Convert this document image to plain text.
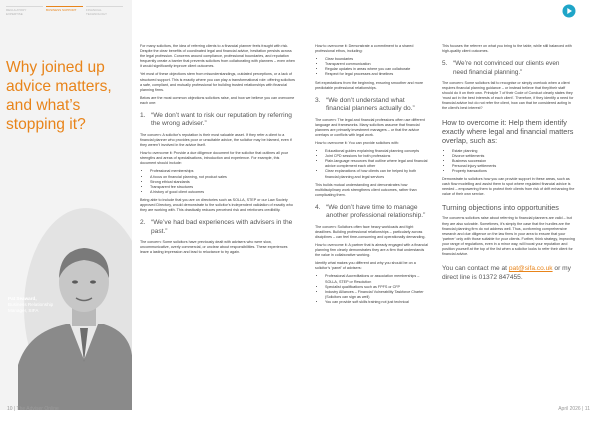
REGULATORY EXPERTISE
BUSINESS SUPPORT	FINANCIAL TECHNOLOGY
Why joined up advice matters, and what’s stopping it?
Pat Seaward,
Business Relationship
Manager, SIFA

For many solicitors, the idea of referring clients to a financial planner feels fraught with risk. Despite the clear benefits of coordinated legal and financial advice, hesitation persists across the legal profession. Concerns around compliance, professional boundaries, and reputation frequently create a barrier that prevents solicitors from collaborating with planners – even when it would significantly improve client outcomes.

Yet most of these objections stem from misunderstandings, outdated perceptions, or a lack of structured support. This is exactly where you can play a transformational role: offering solicitors a safe, compliant, and mutually professional for building trusted relationships with financial planning firms.

Below are the most common objections solicitors raise, and how we believe you can overcome each one:

1. “We don’t want to risk our reputation by referring the wrong adviser.”

The concern: A solicitor’s reputation is their most valuable asset. If they refer a client to a financial planner who provides poor or unsuitable advice, the solicitor may be blamed, even if they weren’t involved in the advice itself.

How to overcome it: Provide a due diligence document for the solicitor that outlines all your strengths and areas of specialisations, introduction and experience. For example, this document should include:

• Professional memberships
• A focus on financial planning, not product sales
• Strong ethical standards
• Transparent fee structures
• A history of good client outcomes

Being able to include that you are on directories such as SOLLA, STEP or our Law Society approved Directory, would demonstrate to the solicitor’s independent validation of exactly who they are working with. This drastically reduces perceived risk and reinforces credibility.

2. “We’ve had bad experiences with advisers in the past.”

The concern: Some solicitors have previously dealt with advisers who were slow, uncommunicative, overly commercial, or unclear about responsibilities. These experiences leave a lasting impression and lead to reluctance to try again.

How to overcome it: Demonstrate a commitment to a shared professional ethos, including:

• Clear boundaries
• Transparent communication
• Regular updates in areas where you can collaborate
• Respect for legal processes and timelines

Set expectations from the beginning, ensuring smoother and more predictable professional relationships.

3. “We don’t understand what financial planners actually do.”

The concern: The legal and financial professions often use different language and frameworks. Many solicitors assume that financial planners are primarily investment managers – or that the advice overlaps or conflicts with legal work.

How to overcome it: You can provide solicitors with:

• Educational guides explaining financial planning concepts
• Joint CPD sessions for both professions
• Plain-language resources that outline where legal and financial advice complement each other
• Clear explanations of how clients can be helped by both financial planning and legal services

This builds mutual understanding and demonstrates how multidisciplinary work strengthens client outcomes, rather than complicating them.

4. “We don’t have time to manage another professional relationship.”

The concern: Solicitors often face heavy workloads and tight deadlines. Building professional relationships – particularly across disciplines – can feel time-consuming and operationally demanding.

How to overcome it: A partner that is already engaged with a financial planning firm clearly demonstrates they are a firm that understands the value in collaborative working.

Identify what makes you different and why you should be on a solicitor’s ‘panel’ of advisers:

• Professional Accreditations or association memberships – SOLLA, STEP or Resolution
• Specialist qualifications such as FPFS or CFP
• Industry Alliances – Financial Vulnerability Taskforce Charter (Solicitors can sign as well)
• You can provide soft skills training not just technical

This focuses the referrer on what you bring to the table, while still balanced with high-quality client outcomes.

5. “We’re not convinced our clients even need financial planning.”

The concern: Some solicitors fail to recognise or simply overlook when a client requires financial planning guidance – or instead believe that they/their staff should do it on their own. Principle 7 of their Code of Conduct clearly states they ‘must act in the best interests of each client’. Therefore, if they identify a need for financial advice but do not refer the client, how can that be considered acting in the client’s best interest?

How to overcome it: Help them identify exactly where legal and financial matters overlap, such as:
• Estate planning
• Divorce settlements
• Business succession
• Personal injury settlements
• Property transactions

Demonstrate to solicitors how you can provide support in these areas, such as cash flow modelling and assist them to spot where regulated financial advice is needed – empowering them to protect their clients from risk of drift enhancing the value of their own service.

Turning objections into opportunities

The concerns solicitors raise about referring to financial planners are valid – but they are also solvable. Sometimes, it’s simply the case that the hurdles are the financial planning firm do not address well. Thus, conforming comprehensive research and due diligence on the law firms in your area to ensure that your ‘partner’ only with those suitable for your clients. Further, think strategy, improving your range of regulations, even in a minor way, will boost your reputation and position yourself at the top of the list when a solicitor looks to refer their client for financial advice.

You can contact me at pat@sifa.co.uk or my direct line is 01372 847455.
10 | The Adviser Online	April 2026 | 11
